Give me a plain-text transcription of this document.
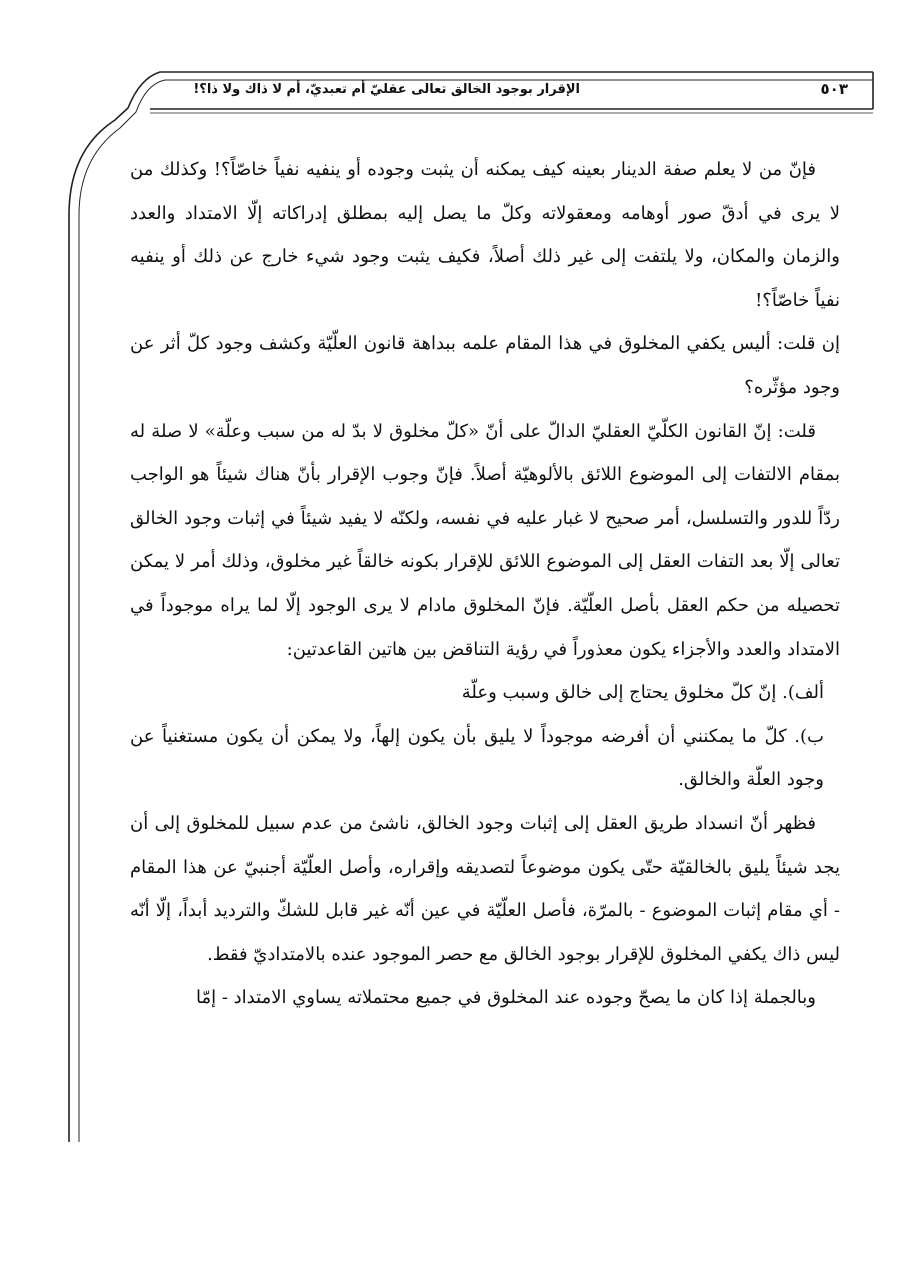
الإقرار بوجود الخالق تعالى عقليّ أم تعبديّ، أم لا ذاك ولا ذا؟!	٥٠٣

فإنّ من لا يعلم صفة الدينار بعينه كيف يمكنه أن يثبت وجوده أو ينفيه نفياً خاصّاً؟! وكذلك من لا يرى في أدقّ صور أوهامه ومعقولاته وكلّ ما يصل إليه بمطلق إدراكاته إلّا الامتداد والعدد والزمان والمكان، ولا يلتفت إلى غير ذلك أصلاً، فكيف يثبت وجود شيء خارج عن ذلك أو ينفيه نفياً خاصّاً؟!

إن قلت: أليس يكفي المخلوق في هذا المقام علمه ببداهة قانون العلّيّة وكشف وجود كلّ أثر عن وجود مؤثّره؟

قلت: إنّ القانون الكلّيّ العقليّ الدالّ على أنّ «كلّ مخلوق لا بدّ له من سبب وعلّة» لا صلة له بمقام الالتفات إلى الموضوع اللائق بالألوهيّة أصلاً. فإنّ وجوب الإقرار بأنّ هناك شيئاً هو الواجب ردّاً للدور والتسلسل، أمر صحيح لا غبار عليه في نفسه، ولكنّه لا يفيد شيئاً في إثبات وجود الخالق تعالى إلّا بعد التفات العقل إلى الموضوع اللائق للإقرار بكونه خالقاً غير مخلوق، وذلك أمر لا يمكن تحصيله من حكم العقل بأصل العلّيّة. فإنّ المخلوق مادام لا يرى الوجود إلّا لما يراه موجوداً في الامتداد والعدد والأجزاء يكون معذوراً في رؤية التناقض بين هاتين القاعدتين:

ألف). إنّ كلّ مخلوق يحتاج إلى خالق وسبب وعلّة

ب). كلّ ما يمكنني أن أفرضه موجوداً لا يليق بأن يكون إلهاً، ولا يمكن أن يكون مستغنياً عن وجود العلّة والخالق.

فظهر أنّ انسداد طريق العقل إلى إثبات وجود الخالق، ناشئ من عدم سبيل للمخلوق إلى أن يجد شيئاً يليق بالخالقيّة حتّى يكون موضوعاً لتصديقه وإقراره، وأصل العلّيّة أجنبيّ عن هذا المقام - أي مقام إثبات الموضوع - بالمرّة، فأصل العلّيّة في عين أنّه غير قابل للشكّ والترديد أبداً، إلّا أنّه ليس ذاك يكفي المخلوق للإقرار بوجود الخالق مع حصر الموجود عنده بالامتداديّ فقط.

وبالجملة إذا كان ما يصحّ وجوده عند المخلوق في جميع محتملاته يساوي الامتداد - إمّا
